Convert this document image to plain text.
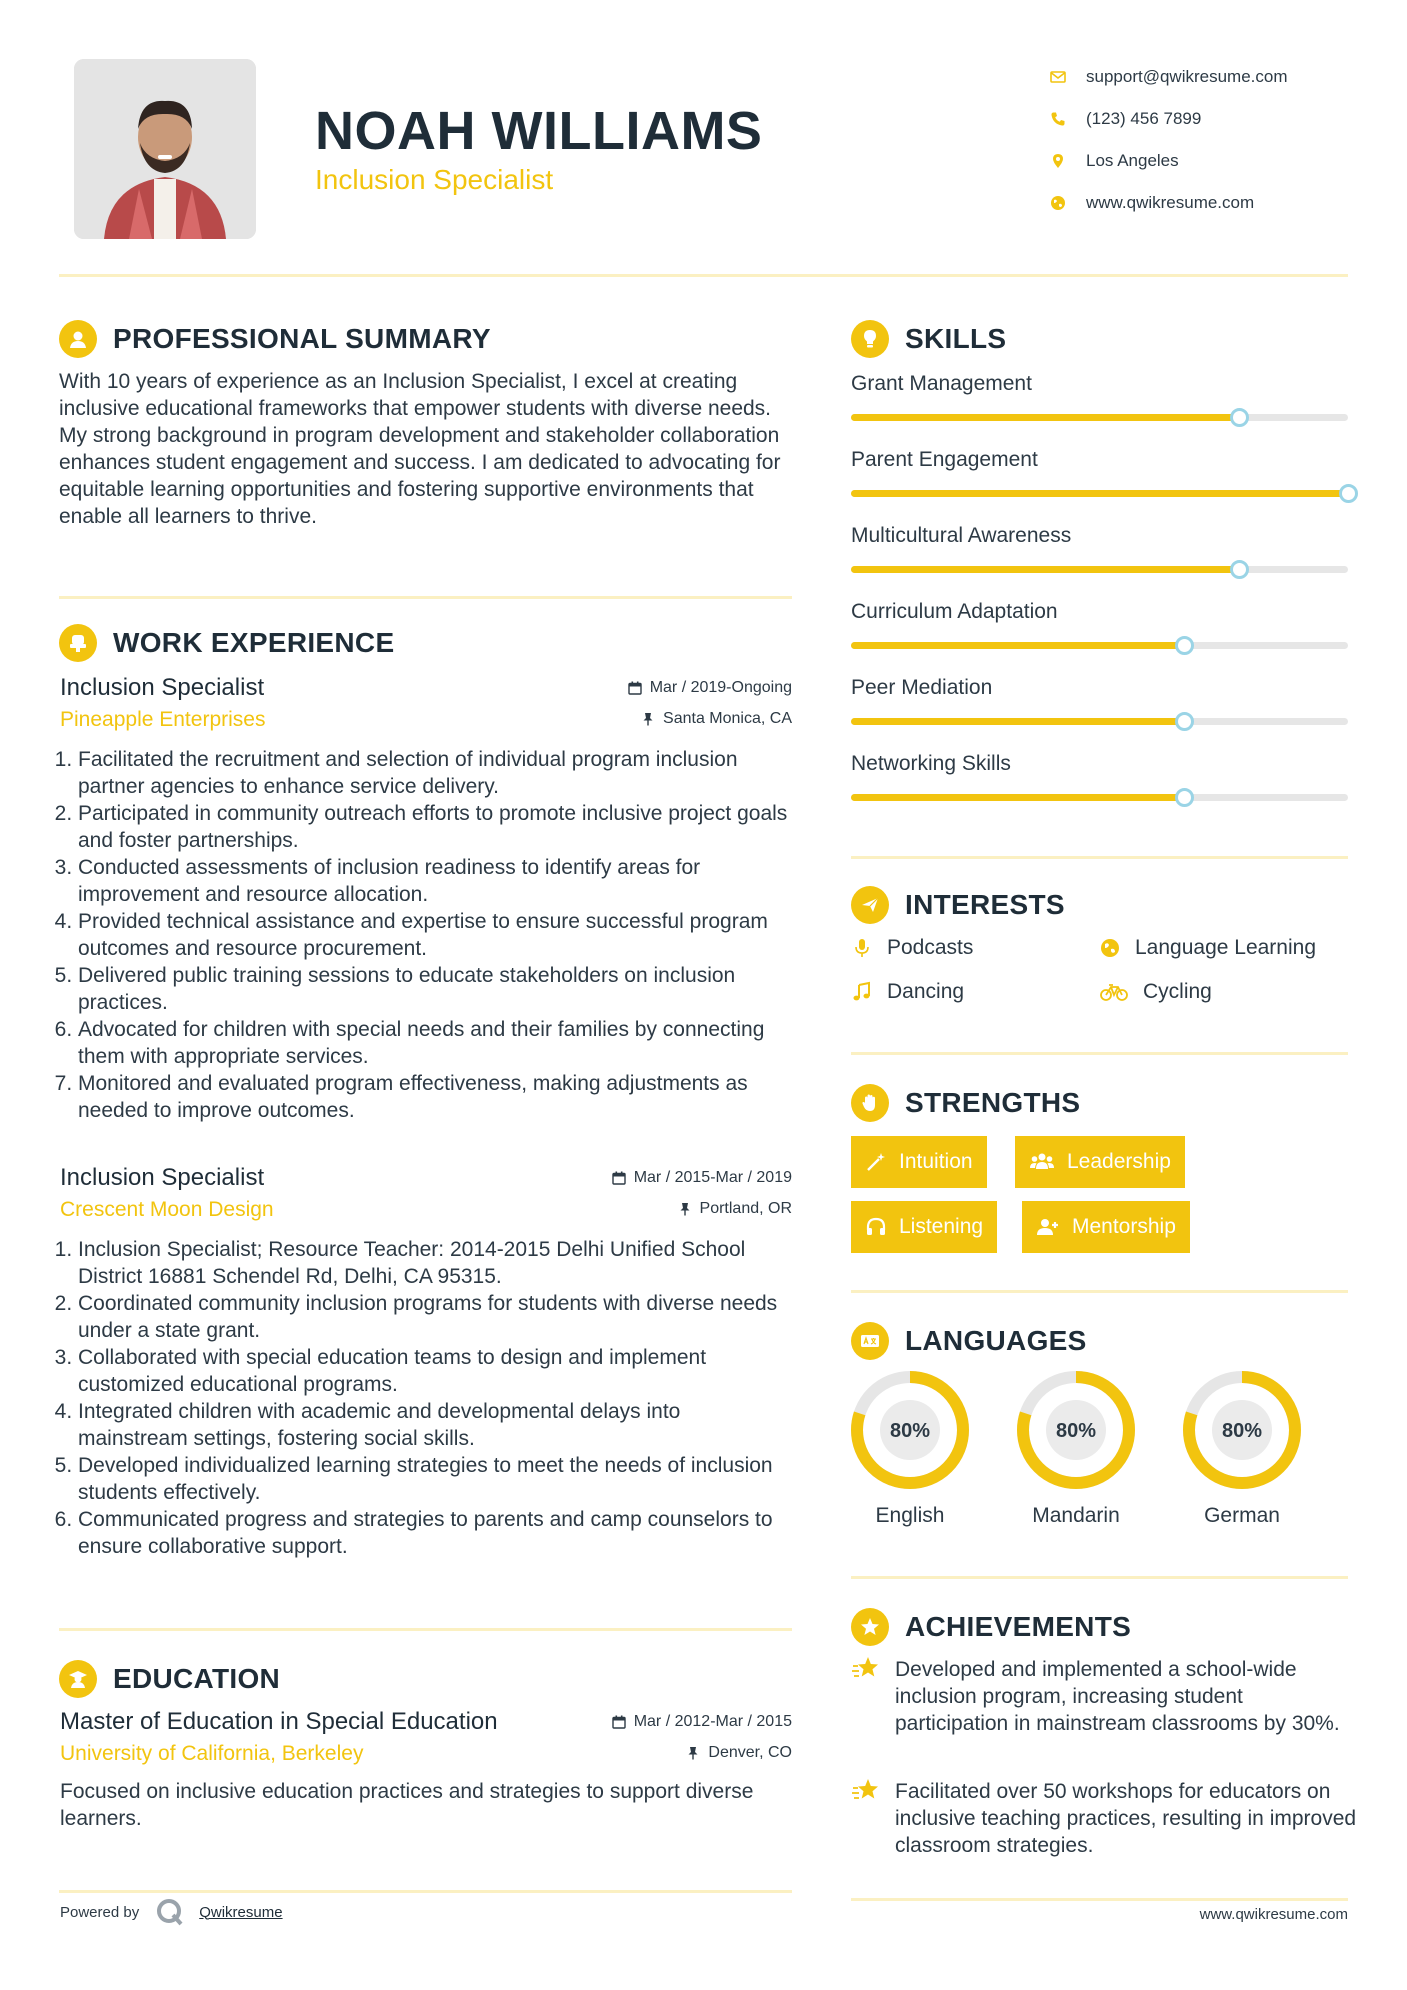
NOAH WILLIAMS
Inclusion Specialist
support@qwikresume.com
(123) 456 7899
Los Angeles
www.qwikresume.com
PROFESSIONAL SUMMARY
With 10 years of experience as an Inclusion Specialist, I excel at creating inclusive educational frameworks that empower students with diverse needs. My strong background in program development and stakeholder collaboration enhances student engagement and success. I am dedicated to advocating for equitable learning opportunities and fostering supportive environments that enable all learners to thrive.
WORK EXPERIENCE
Inclusion Specialist	Mar / 2019-Ongoing
Pineapple Enterprises	Santa Monica, CA
1. Facilitated the recruitment and selection of individual program inclusion partner agencies to enhance service delivery.
2. Participated in community outreach efforts to promote inclusive project goals and foster partnerships.
3. Conducted assessments of inclusion readiness to identify areas for improvement and resource allocation.
4. Provided technical assistance and expertise to ensure successful program outcomes and resource procurement.
5. Delivered public training sessions to educate stakeholders on inclusion practices.
6. Advocated for children with special needs and their families by connecting them with appropriate services.
7. Monitored and evaluated program effectiveness, making adjustments as needed to improve outcomes.
Inclusion Specialist	Mar / 2015-Mar / 2019
Crescent Moon Design	Portland, OR
1. Inclusion Specialist; Resource Teacher: 2014-2015 Delhi Unified School District 16881 Schendel Rd, Delhi, CA 95315.
2. Coordinated community inclusion programs for students with diverse needs under a state grant.
3. Collaborated with special education teams to design and implement customized educational programs.
4. Integrated children with academic and developmental delays into mainstream settings, fostering social skills.
5. Developed individualized learning strategies to meet the needs of inclusion students effectively.
6. Communicated progress and strategies to parents and camp counselors to ensure collaborative support.
EDUCATION
Master of Education in Special Education	Mar / 2012-Mar / 2015
University of California, Berkeley	Denver, CO
Focused on inclusive education practices and strategies to support diverse learners.
SKILLS
Grant Management
Parent Engagement
Multicultural Awareness
Curriculum Adaptation
Peer Mediation
Networking Skills
INTERESTS
Podcasts	Language Learning
Dancing	Cycling
STRENGTHS
Intuition	Leadership
Listening	Mentorship
LANGUAGES
80%
English
80%
Mandarin
80%
German
ACHIEVEMENTS
Developed and implemented a school-wide inclusion program, increasing student participation in mainstream classrooms by 30%.
Facilitated over 50 workshops for educators on inclusive teaching practices, resulting in improved classroom strategies.
Powered by	Qwikresume	www.qwikresume.com
